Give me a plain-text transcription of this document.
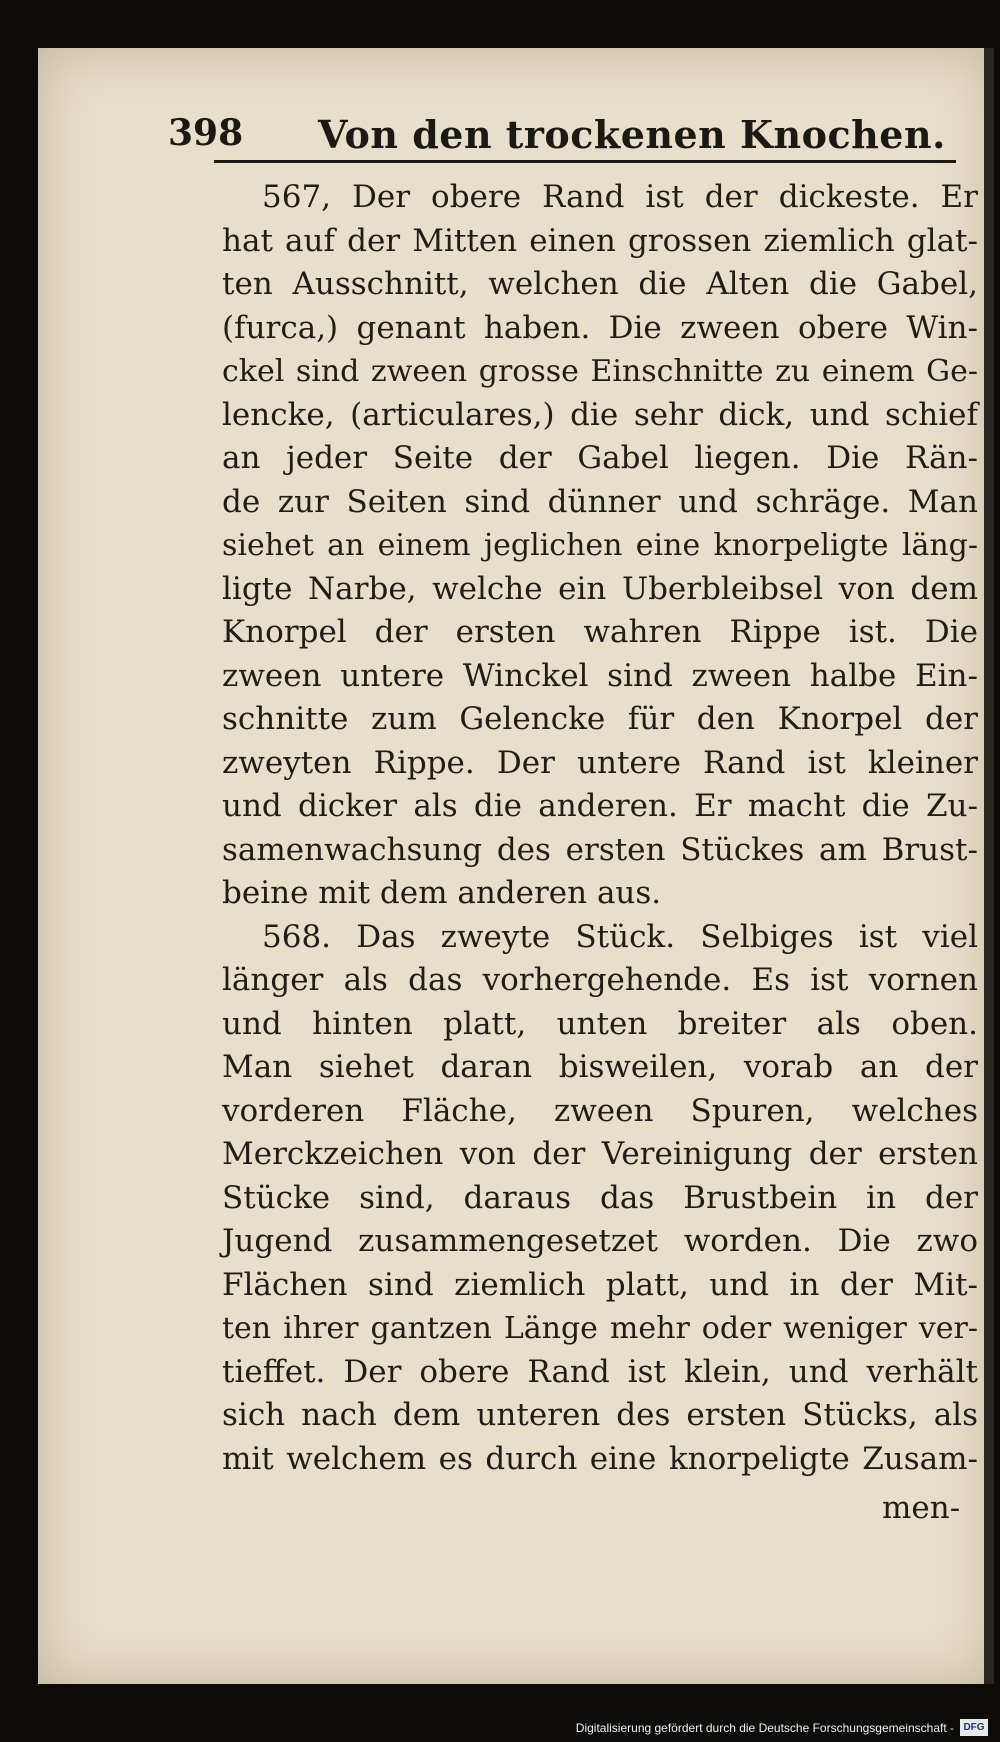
398 Von den trockenen Knochen.
567, Der obere Rand ist der dickeste. Er
hat auf der Mitten einen grossen ziemlich glat-
ten Ausschnitt, welchen die Alten die Gabel,
(furca,) genant haben. Die zween obere Win-
ckel sind zween grosse Einschnitte zu einem Ge-
lencke, (articulares,) die sehr dick, und schief
an jeder Seite der Gabel liegen. Die Rän-
de zur Seiten sind dünner und schräge. Man
siehet an einem jeglichen eine knorpeligte läng-
ligte Narbe, welche ein Uberbleibsel von dem
Knorpel der ersten wahren Rippe ist. Die
zween untere Winckel sind zween halbe Ein-
schnitte zum Gelencke für den Knorpel der
zweyten Rippe. Der untere Rand ist kleiner
und dicker als die anderen. Er macht die Zu-
samenwachsung des ersten Stückes am Brust-
beine mit dem anderen aus.
568. Das zweyte Stück. Selbiges ist viel
länger als das vorhergehende. Es ist vornen
und hinten platt, unten breiter als oben.
Man siehet daran bisweilen, vorab an der
vorderen Fläche, zween Spuren, welches
Merckzeichen von der Vereinigung der ersten
Stücke sind, daraus das Brustbein in der
Jugend zusammengesetzet worden. Die zwo
Flächen sind ziemlich platt, und in der Mit-
ten ihrer gantzen Länge mehr oder weniger ver-
tieffet. Der obere Rand ist klein, und verhält
sich nach dem unteren des ersten Stücks, als
mit welchem es durch eine knorpeligte Zusam-
men-
Digitalisierung gefördert durch die Deutsche Forschungsgemeinschaft - DFG
